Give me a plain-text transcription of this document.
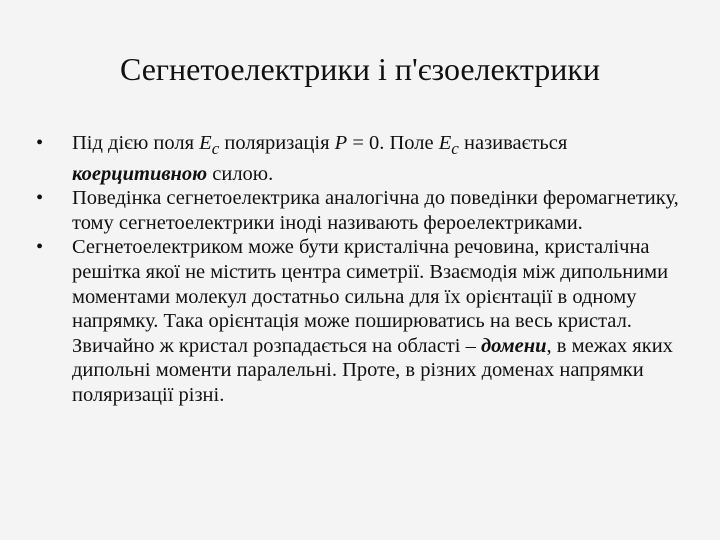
Сегнетоелектрики і п'єзоелектрики
•	Під дією поля $E_c$ поляризація P = 0. Поле $E_c$ називається коерцитивною силою.
•	Поведінка сегнетоелектрика аналогічна до поведінки феромагнетику, тому сегнетоелектрики іноді називають фероелектриками.
•	Сегнетоелектриком може бути кристалічна речовина, кристалічна решітка якої не містить центра симетрії. Взаємодія між дипольними моментами молекул достатньо сильна для їх орієнтації в одному напрямку. Така орієнтація може поширюватись на весь кристал. Звичайно ж кристал розпадається на області – домени, в межах яких дипольні моменти паралельні. Проте, в різних доменах напрямки поляризації різні.
